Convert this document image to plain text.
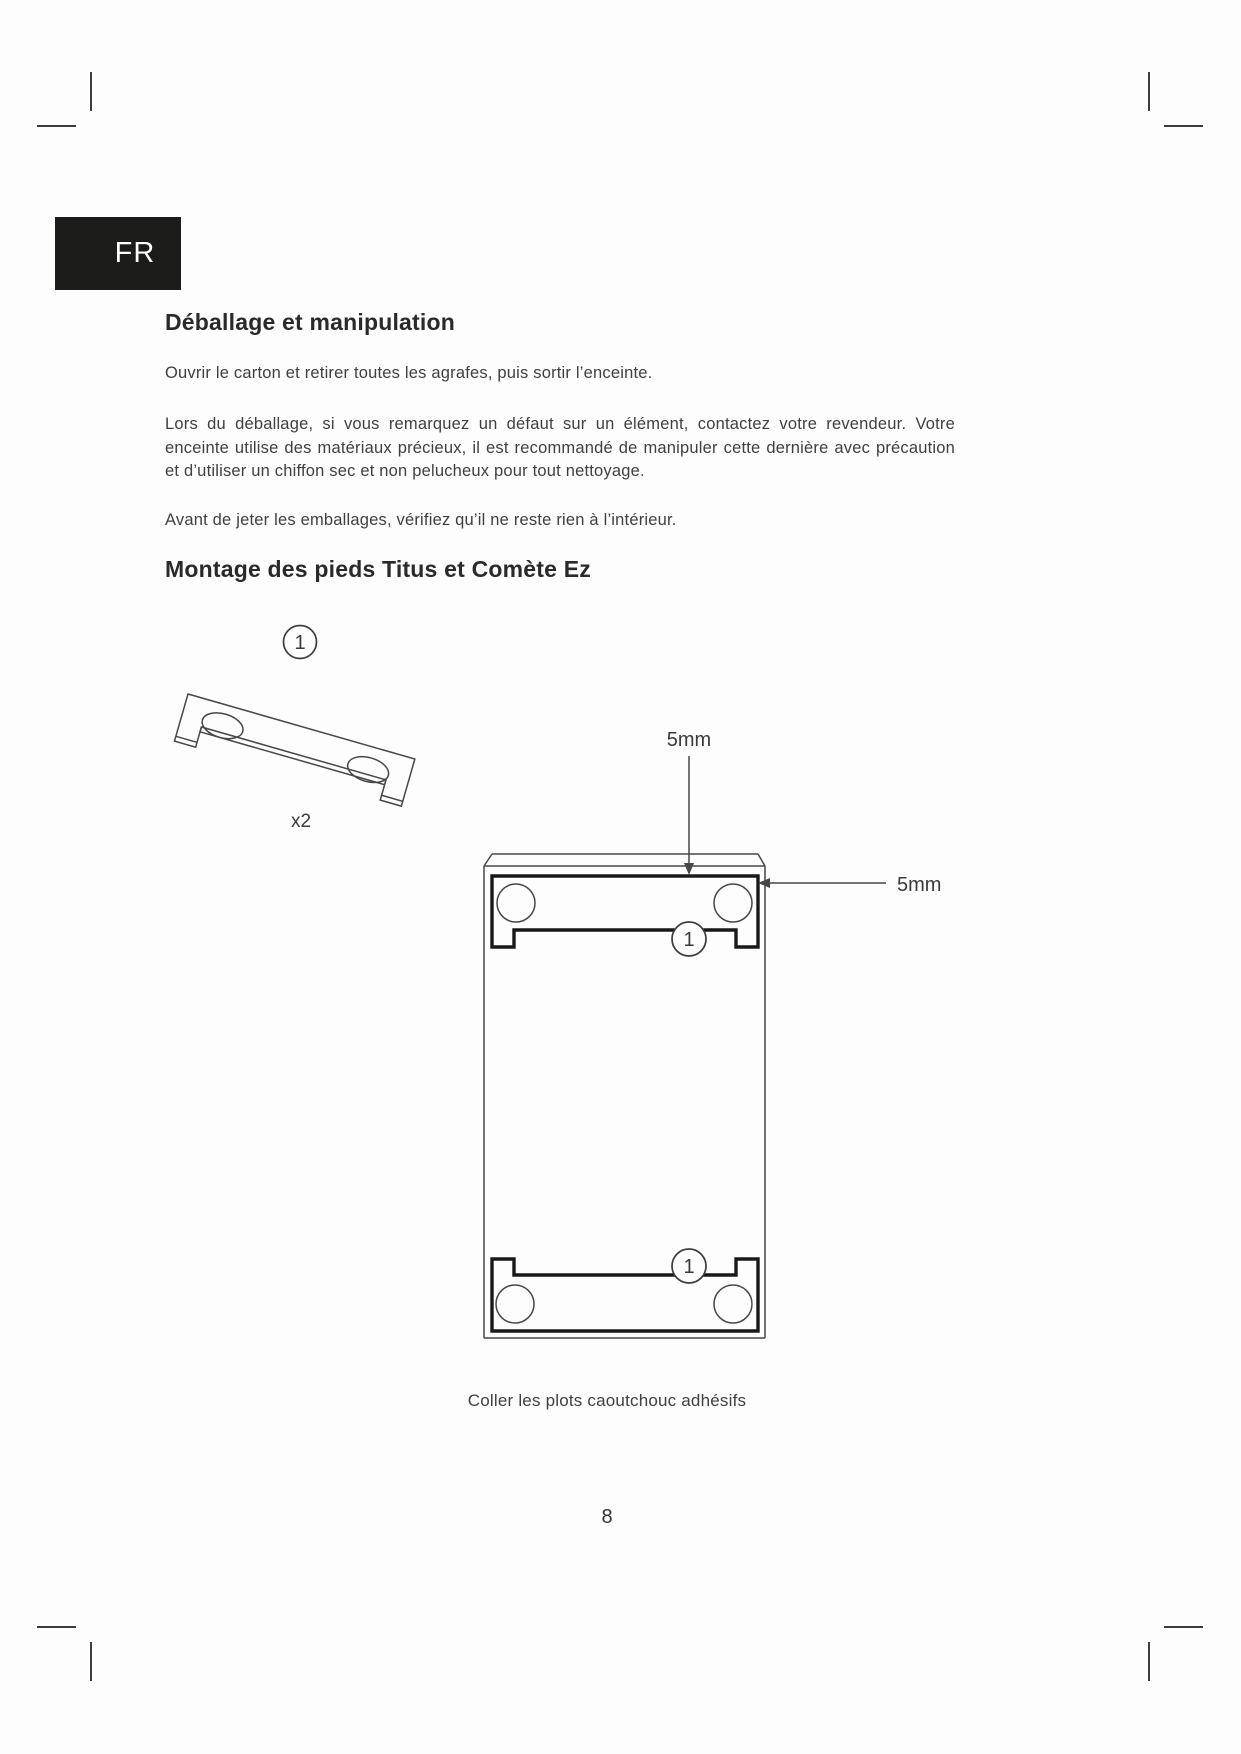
FR
Déballage et manipulation
Ouvrir le carton et retirer toutes les agrafes, puis sortir l’enceinte.
Lors du déballage, si vous remarquez un défaut sur un élément, contactez votre revendeur. Votre enceinte utilise des matériaux précieux, il est recommandé de manipuler cette dernière avec précaution et d’utiliser un chiffon sec et non pelucheux pour tout nettoyage.
Avant de jeter les emballages, vérifiez qu’il ne reste rien à l’intérieur.
Montage des pieds Titus et Comète Ez
1
x2
5mm
5mm
1
1
Coller les plots caoutchouc adhésifs
8
